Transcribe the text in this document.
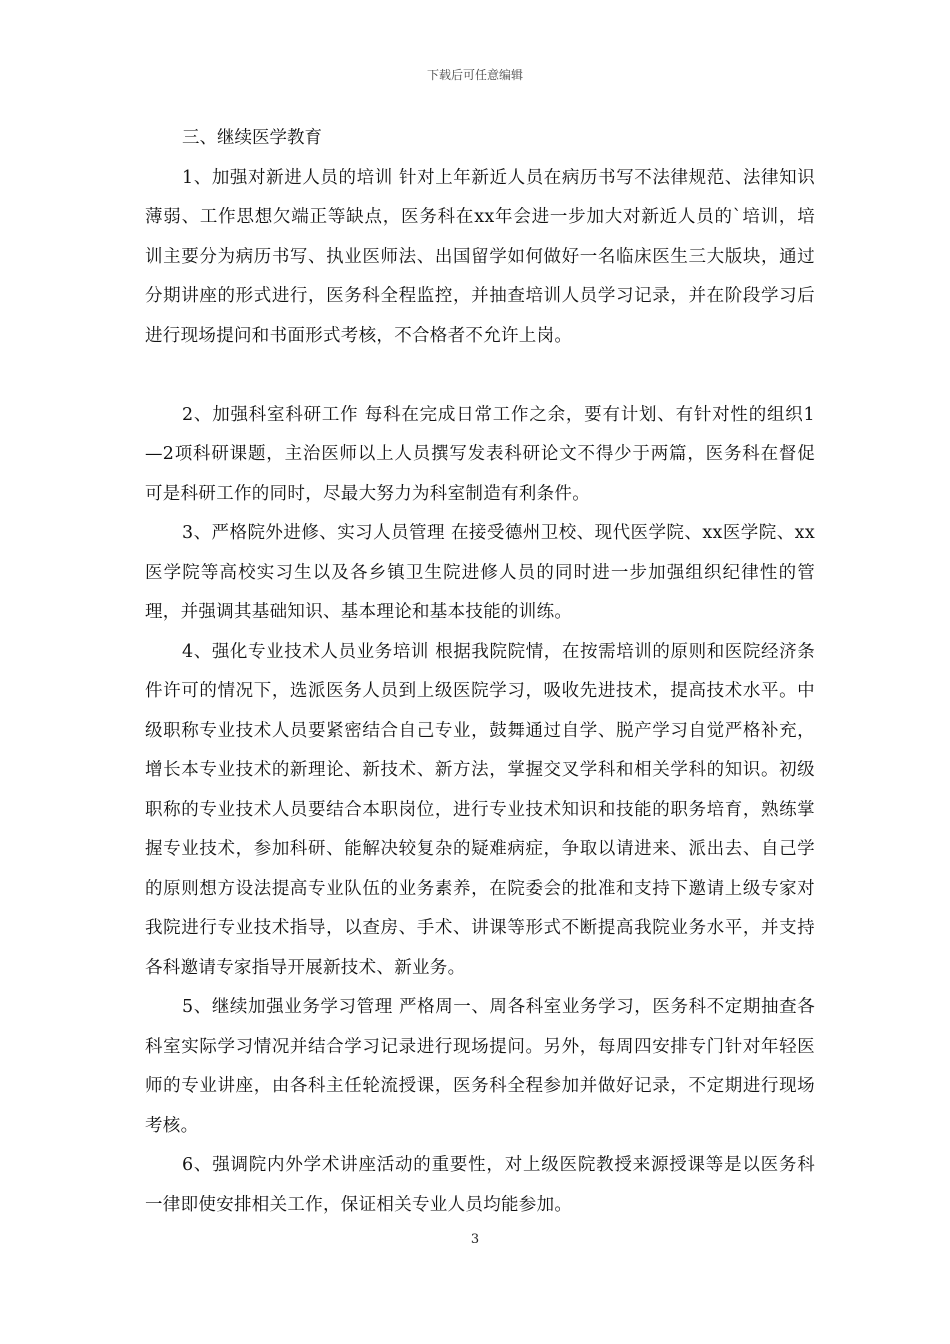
下载后可任意编辑

三、继续医学教育

1、加强对新进人员的培训 针对上年新近人员在病历书写不法律规范、法律知识薄弱、工作思想欠端正等缺点，医务科在xx年会进一步加大对新近人员的`培训，培训主要分为病历书写、执业医师法、出国留学如何做好一名临床医生三大版块，通过分期讲座的形式进行，医务科全程监控，并抽查培训人员学习记录，并在阶段学习后进行现场提问和书面形式考核，不合格者不允许上岗。

2、加强科室科研工作 每科在完成日常工作之余，要有计划、有针对性的组织1—2项科研课题，主治医师以上人员撰写发表科研论文不得少于两篇，医务科在督促可是科研工作的同时，尽最大努力为科室制造有利条件。

3、严格院外进修、实习人员管理 在接受德州卫校、现代医学院、xx医学院、xx医学院等高校实习生以及各乡镇卫生院进修人员的同时进一步加强组织纪律性的管理，并强调其基础知识、基本理论和基本技能的训练。

4、强化专业技术人员业务培训 根据我院院情，在按需培训的原则和医院经济条件许可的情况下，选派医务人员到上级医院学习，吸收先进技术，提高技术水平。中级职称专业技术人员要紧密结合自己专业，鼓舞通过自学、脱产学习自觉严格补充，增长本专业技术的新理论、新技术、新方法，掌握交叉学科和相关学科的知识。初级职称的专业技术人员要结合本职岗位，进行专业技术知识和技能的职务培育，熟练掌握专业技术，参加科研、能解决较复杂的疑难病症，争取以请进来、派出去、自己学的原则想方设法提高专业队伍的业务素养，在院委会的批准和支持下邀请上级专家对我院进行专业技术指导，以查房、手术、讲课等形式不断提高我院业务水平，并支持各科邀请专家指导开展新技术、新业务。

5、继续加强业务学习管理 严格周一、周各科室业务学习，医务科不定期抽查各科室实际学习情况并结合学习记录进行现场提问。另外，每周四安排专门针对年轻医师的专业讲座，由各科主任轮流授课，医务科全程参加并做好记录，不定期进行现场考核。

6、强调院内外学术讲座活动的重要性，对上级医院教授来源授课等是以医务科一律即使安排相关工作，保证相关专业人员均能参加。

3
